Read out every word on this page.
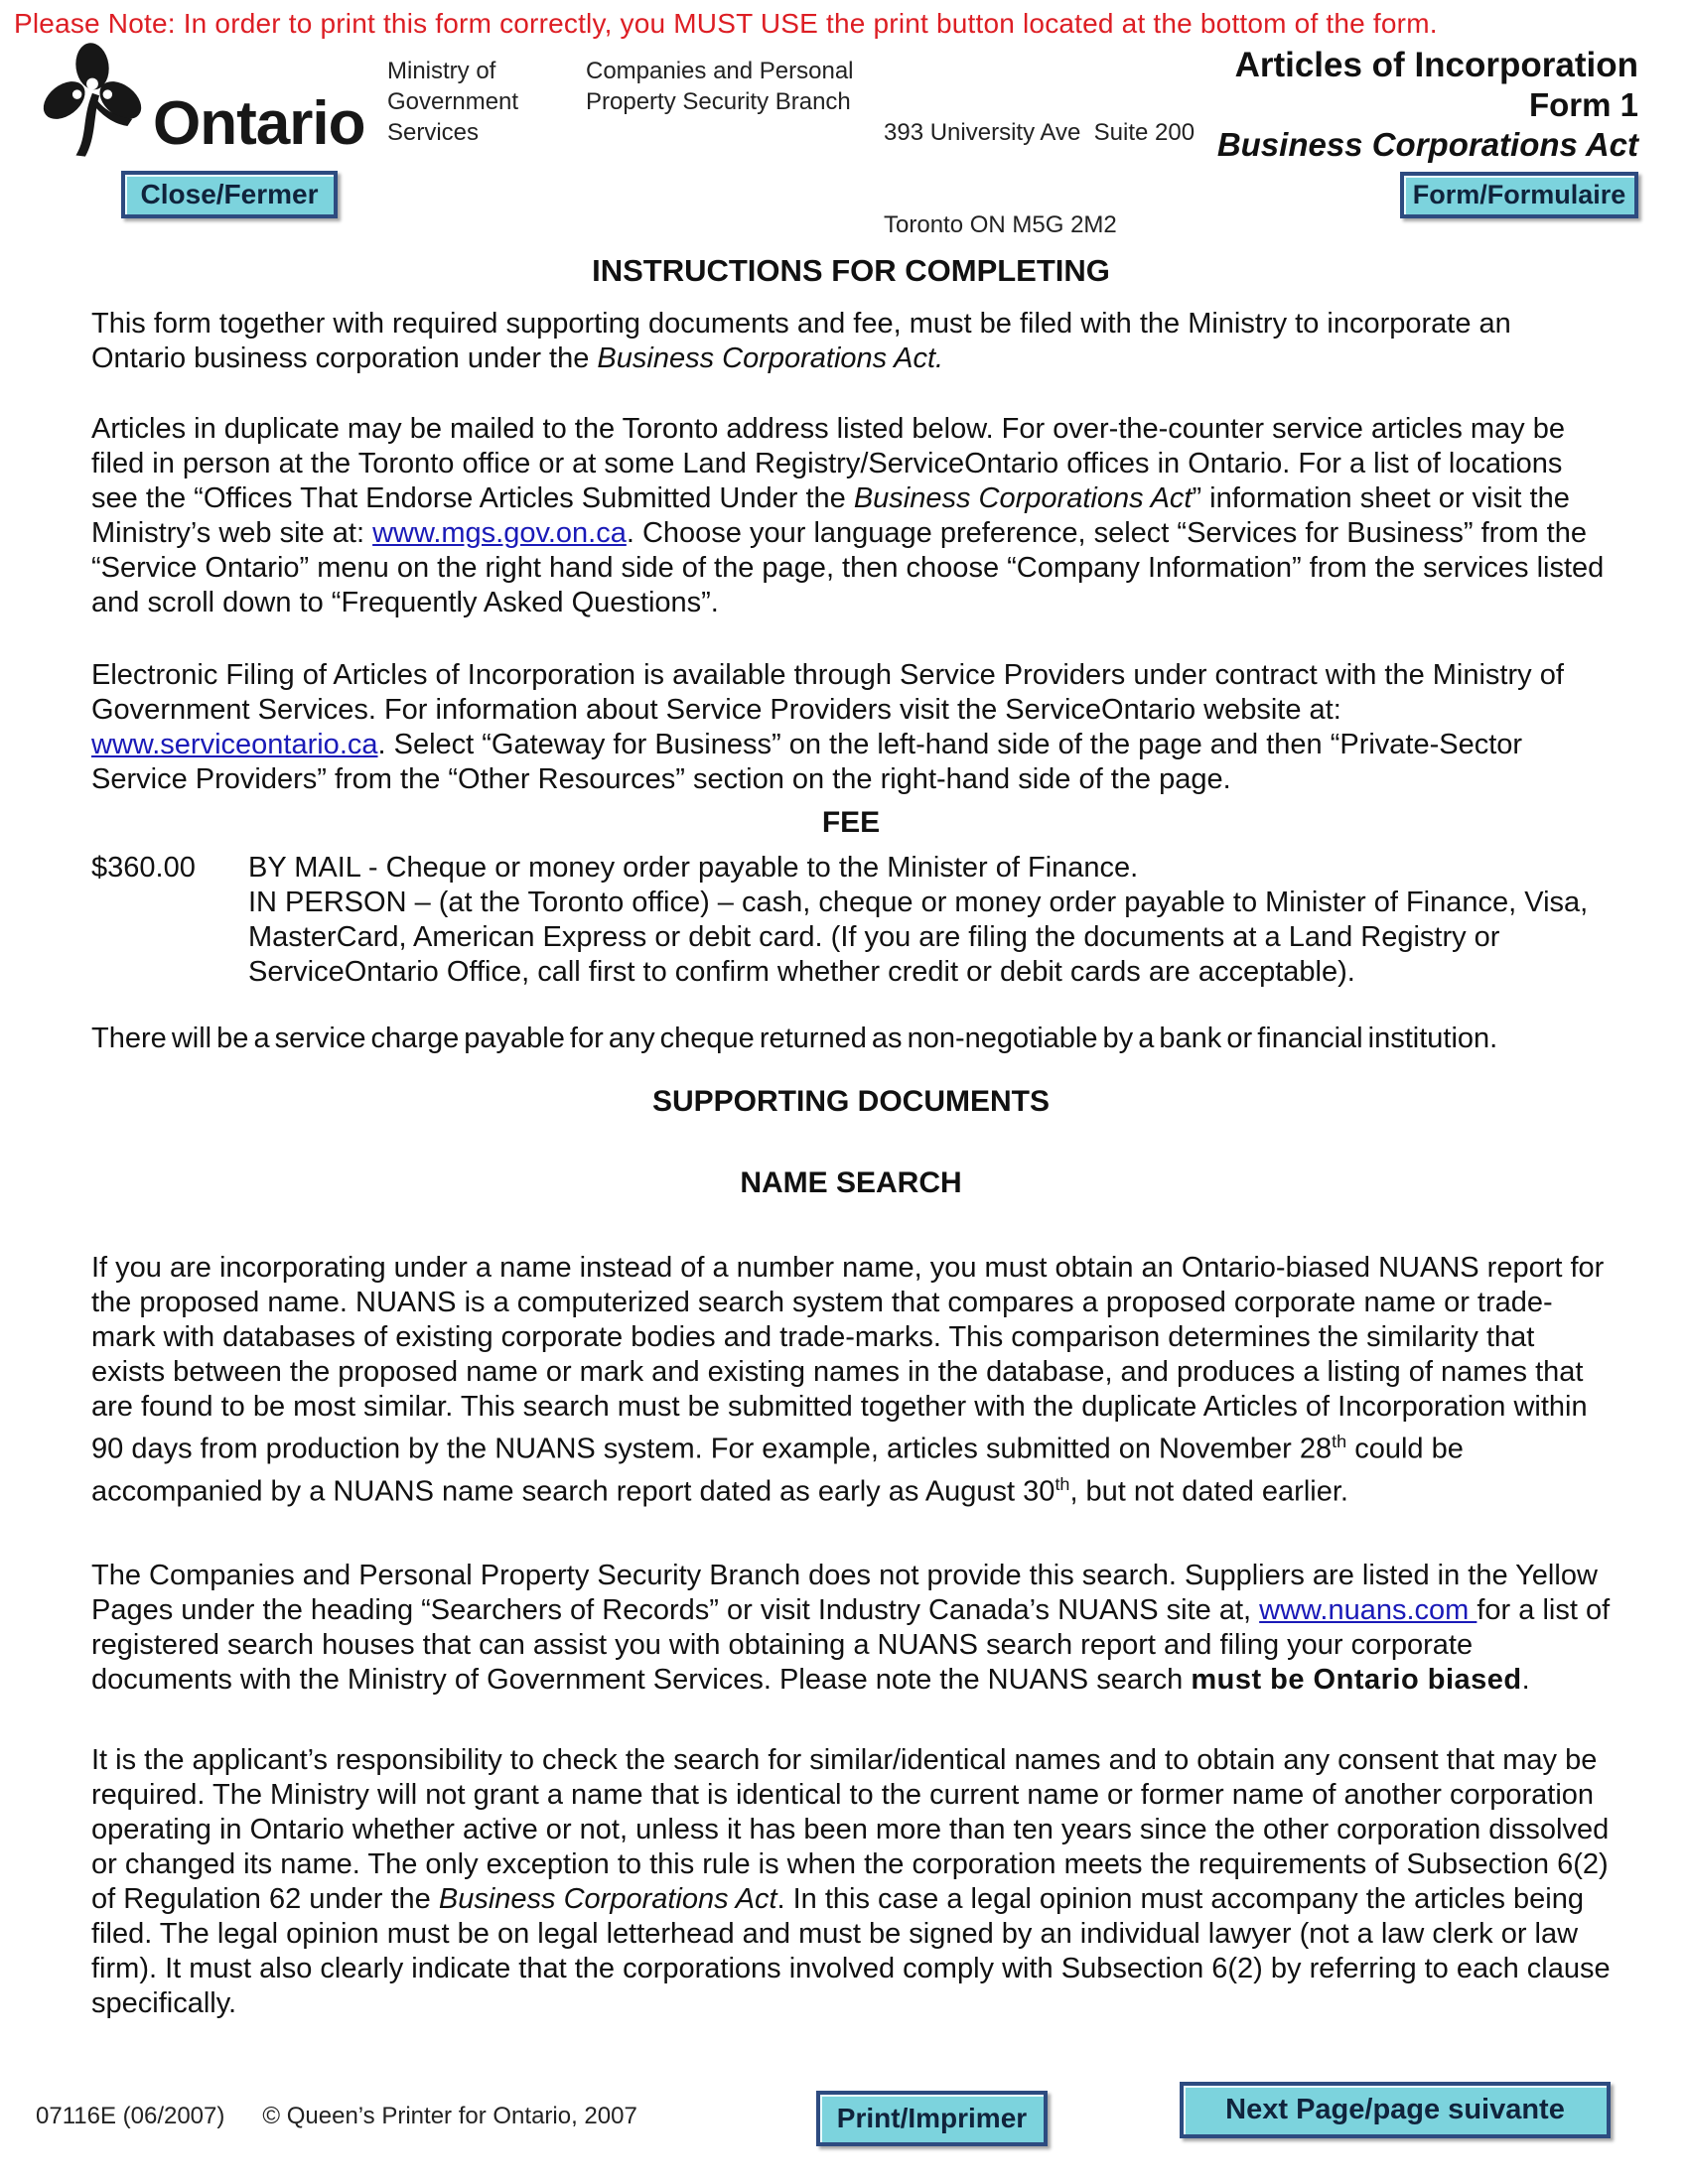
Please Note: In order to print this form correctly, you MUST USE the print button located at the bottom of the form.
Ontario
Ministry of
Government
Services
Companies and Personal
Property Security Branch

393 University Ave  Suite 200

Toronto ON M5G 2M2

Articles of Incorporation
Form 1
Business Corporations Act
Close/Fermer	Form/Formulaire
INSTRUCTIONS FOR COMPLETING

This form together with required supporting documents and fee, must be filed with the Ministry to incorporate an Ontario business corporation under the Business Corporations Act.

Articles in duplicate may be mailed to the Toronto address listed below. For over-the-counter service articles may be filed in person at the Toronto office or at some Land Registry/ServiceOntario offices in Ontario. For a list of locations see the “Offices That Endorse Articles Submitted Under the Business Corporations Act” information sheet or visit the Ministry’s web site at: www.mgs.gov.on.ca. Choose your language preference, select “Services for Business” from the “Service Ontario” menu on the right hand side of the page, then choose “Company Information” from the services listed and scroll down to “Frequently Asked Questions”.

Electronic Filing of Articles of Incorporation is available through Service Providers under contract with the Ministry of Government Services. For information about Service Providers visit the ServiceOntario website at: www.serviceontario.ca. Select “Gateway for Business” on the left-hand side of the page and then “Private-Sector Service Providers” from the “Other Resources” section on the right-hand side of the page.

FEE
$360.00	BY MAIL - Cheque or money order payable to the Minister of Finance.
IN PERSON – (at the Toronto office) – cash, cheque or money order payable to Minister of Finance, Visa, MasterCard, American Express or debit card. (If you are filing the documents at a Land Registry or ServiceOntario Office, call first to confirm whether credit or debit cards are acceptable).

There will be a service charge payable for any cheque returned as non-negotiable by a bank or financial institution.

SUPPORTING DOCUMENTS
NAME SEARCH

If you are incorporating under a name instead of a number name, you must obtain an Ontario-biased NUANS report for the proposed name. NUANS is a computerized search system that compares a proposed corporate name or trade-mark with databases of existing corporate bodies and trade-marks. This comparison determines the similarity that exists between the proposed name or mark and existing names in the database, and produces a listing of names that are found to be most similar. This search must be submitted together with the duplicate Articles of Incorporation within 90 days from production by the NUANS system. For example, articles submitted on November 28th could be accompanied by a NUANS name search report dated as early as August 30th, but not dated earlier.

The Companies and Personal Property Security Branch does not provide this search. Suppliers are listed in the Yellow Pages under the heading “Searchers of Records” or visit Industry Canada’s NUANS site at, www.nuans.com for a list of registered search houses that can assist you with obtaining a NUANS search report and filing your corporate documents with the Ministry of Government Services. Please note the NUANS search must be Ontario biased.

It is the applicant’s responsibility to check the search for similar/identical names and to obtain any consent that may be required. The Ministry will not grant a name that is identical to the current name or former name of another corporation operating in Ontario whether active or not, unless it has been more than ten years since the other corporation dissolved or changed its name. The only exception to this rule is when the corporation meets the requirements of Subsection 6(2) of Regulation 62 under the Business Corporations Act. In this case a legal opinion must accompany the articles being filed. The legal opinion must be on legal letterhead and must be signed by an individual lawyer (not a law clerk or law firm). It must also clearly indicate that the corporations involved comply with Subsection 6(2) by referring to each clause specifically.

07116E (06/2007) © Queen’s Printer for Ontario, 2007	Print/Imprimer	Next Page/page suivante
